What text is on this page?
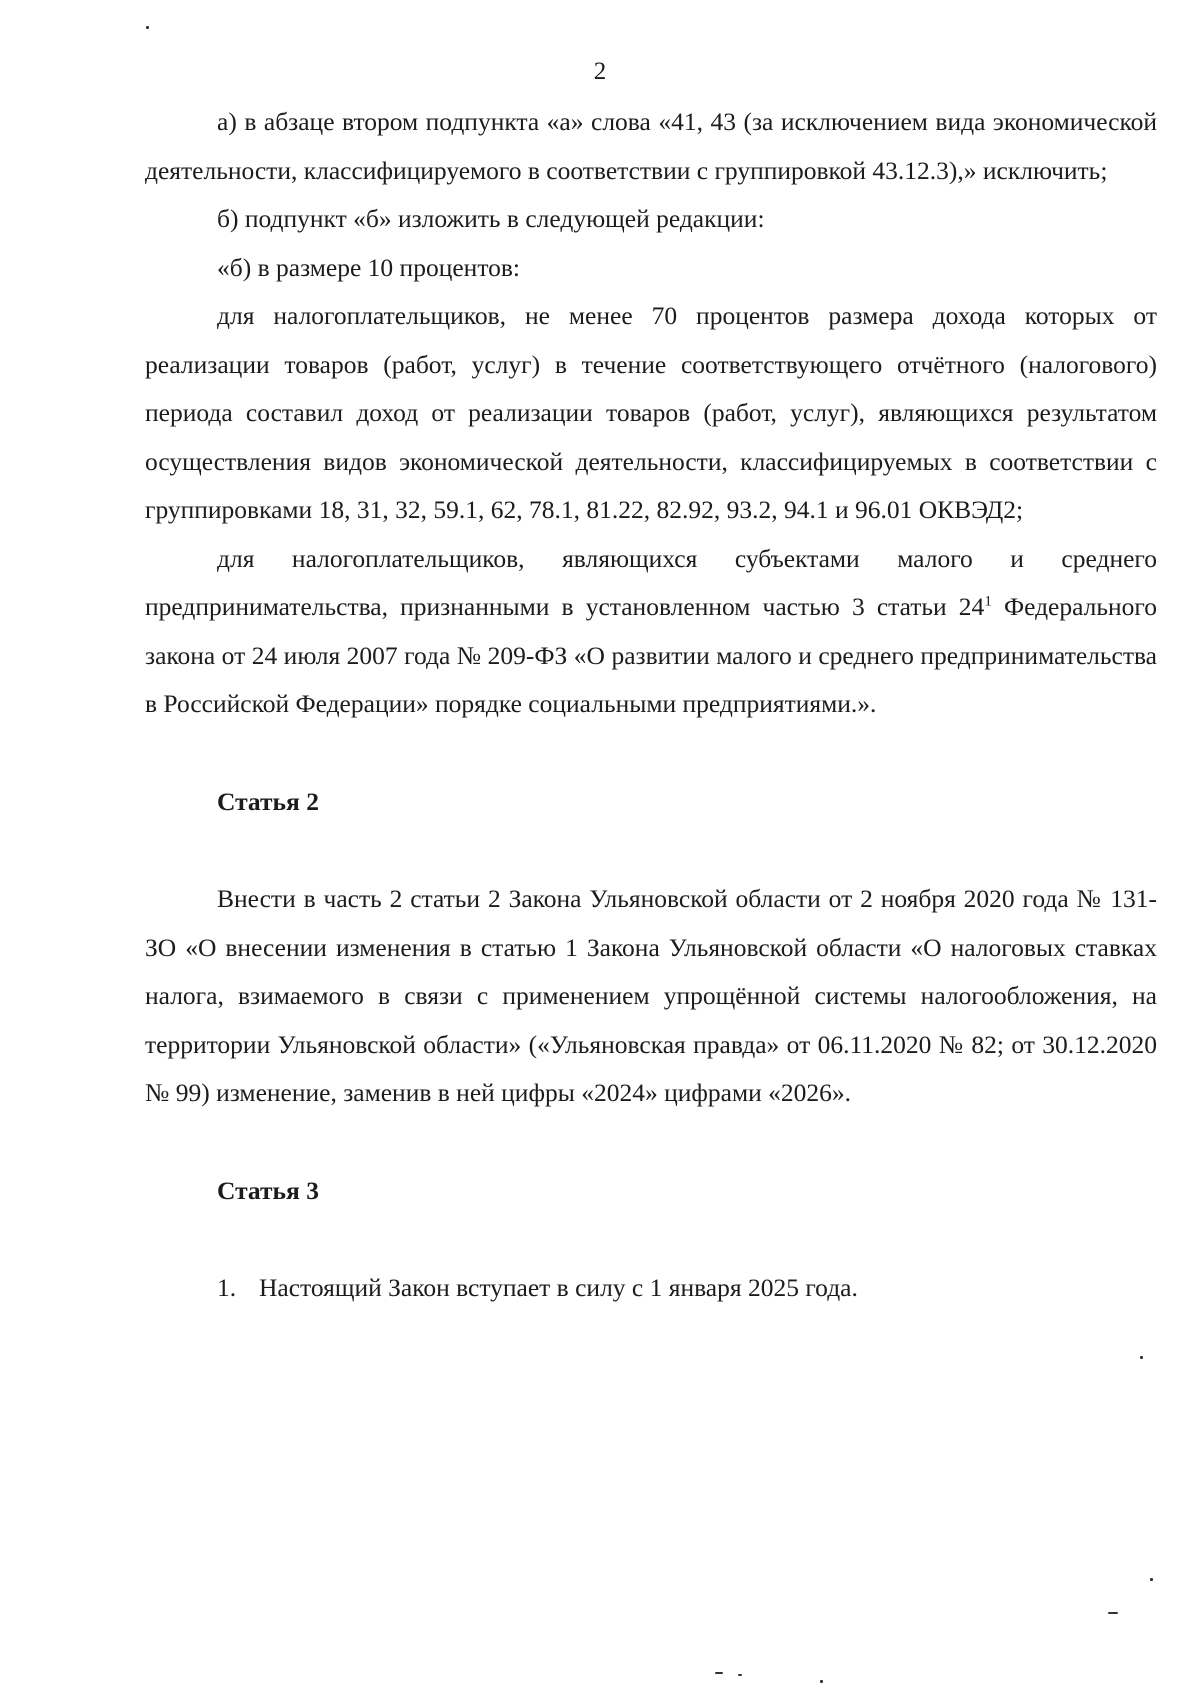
2

а) в абзаце втором подпункта «а» слова «41, 43 (за исключением вида экономической деятельности, классифицируемого в соответствии с группировкой 43.12.3),» исключить;

б) подпункт «б» изложить в следующей редакции:

«б) в размере 10 процентов:

для налогоплательщиков, не менее 70 процентов размера дохода которых от реализации товаров (работ, услуг) в течение соответствующего отчётного (налогового) периода составил доход от реализации товаров (работ, услуг), являющихся результатом осуществления видов экономической деятельности, классифицируемых в соответствии с группировками 18, 31, 32, 59.1, 62, 78.1, 81.22, 82.92, 93.2, 94.1 и 96.01 ОКВЭД2;

для налогоплательщиков, являющихся субъектами малого и среднего предпринимательства, признанными в установленном частью 3 статьи $24^1$ Федерального закона от 24 июля 2007 года № 209-ФЗ «О развитии малого и среднего предпринимательства в Российской Федерации» порядке социальными предприятиями.».

Статья 2

Внести в часть 2 статьи 2 Закона Ульяновской области от 2 ноября 2020 года № 131-ЗО «О внесении изменения в статью 1 Закона Ульяновской области «О налоговых ставках налога, взимаемого в связи с применением упрощённой системы налогообложения, на территории Ульяновской области» («Ульяновская правда» от 06.11.2020 № 82; от 30.12.2020 № 99) изменение, заменив в ней цифры «2024» цифрами «2026».

Статья 3

1. Настоящий Закон вступает в силу с 1 января 2025 года.
